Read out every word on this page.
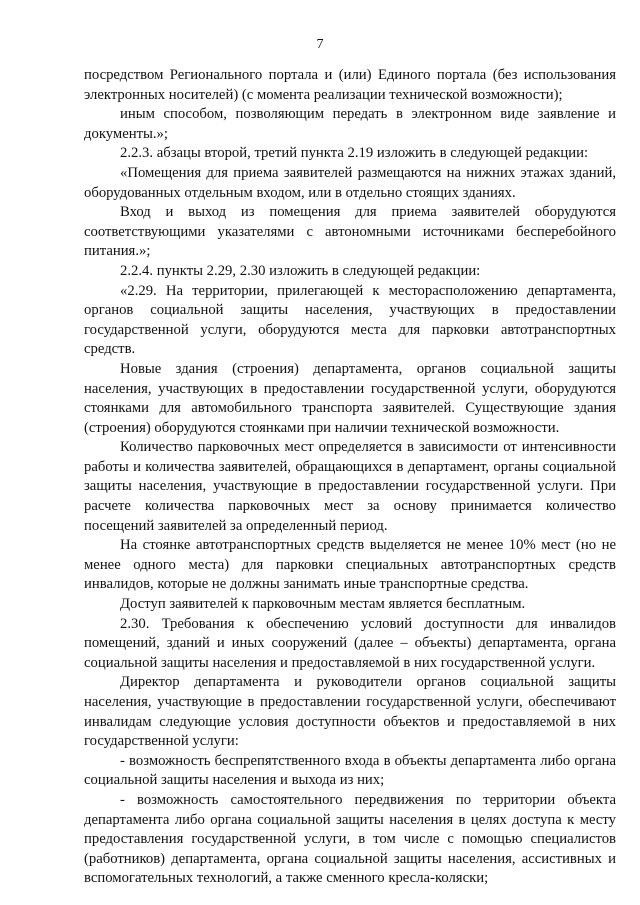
7

посредством Регионального портала и (или) Единого портала (без использования электронных носителей) (с момента реализации технической возможности);

иным способом, позволяющим передать в электронном виде заявление и документы.»;

2.2.3. абзацы второй, третий пункта 2.19 изложить в следующей редакции:

«Помещения для приема заявителей размещаются на нижних этажах зданий, оборудованных отдельным входом, или в отдельно стоящих зданиях.

Вход и выход из помещения для приема заявителей оборудуются соответствующими указателями с автономными источниками бесперебойного питания.»;

2.2.4. пункты 2.29, 2.30 изложить в следующей редакции:

«2.29. На территории, прилегающей к месторасположению департамента, органов социальной защиты населения, участвующих в предоставлении государственной услуги, оборудуются места для парковки автотранспортных средств.

Новые здания (строения) департамента, органов социальной защиты населения, участвующих в предоставлении государственной услуги, оборудуются стоянками для автомобильного транспорта заявителей. Существующие здания (строения) оборудуются стоянками при наличии технической возможности.

Количество парковочных мест определяется в зависимости от интенсивности работы и количества заявителей, обращающихся в департамент, органы социальной защиты населения, участвующие в предоставлении государственной услуги. При расчете количества парковочных мест за основу принимается количество посещений заявителей за определенный период.

На стоянке автотранспортных средств выделяется не менее 10% мест (но не менее одного места) для парковки специальных автотранспортных средств инвалидов, которые не должны занимать иные транспортные средства.

Доступ заявителей к парковочным местам является бесплатным.

2.30. Требования к обеспечению условий доступности для инвалидов помещений, зданий и иных сооружений (далее – объекты) департамента, органа социальной защиты населения и предоставляемой в них государственной услуги.

Директор департамента и руководители органов социальной защиты населения, участвующие в предоставлении государственной услуги, обеспечивают инвалидам следующие условия доступности объектов и предоставляемой в них государственной услуги:

- возможность беспрепятственного входа в объекты департамента либо органа социальной защиты населения и выхода из них;

- возможность самостоятельного передвижения по территории объекта департамента либо органа социальной защиты населения в целях доступа к месту предоставления государственной услуги, в том числе с помощью специалистов (работников) департамента, органа социальной защиты населения, ассистивных и вспомогательных технологий, а также сменного кресла-коляски;
